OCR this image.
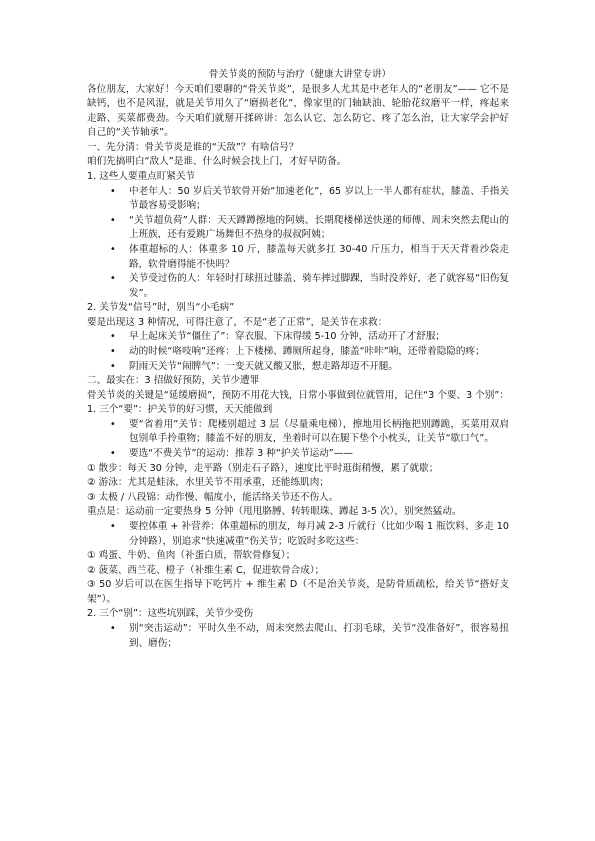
骨关节炎的预防与治疗（健康大讲堂专讲）

各位朋友，大家好！今天咱们要聊的“骨关节炎”，是很多人尤其是中老年人的“老朋友”—— 它不是缺钙，也不是风湿，就是关节用久了“磨损老化”，像家里的门轴缺油、轮胎花纹磨平一样，疼起来走路、买菜都费劲。今天咱们就掰开揉碎讲：怎么认它、怎么防它、疼了怎么治，让大家学会护好自己的“关节轴承”。

一、先分清：骨关节炎是谁的“天敌”？有啥信号？

咱们先搞明白“敌人”是谁、什么时候会找上门，才好早防备。

1. 这些人要重点盯紧关节

• 中老年人：50 岁后关节软骨开始“加速老化”，65 岁以上一半人都有症状，膝盖、手指关节最容易受影响；
• “关节超负荷”人群：天天蹲蹲擦地的阿姨、长期爬楼梯送快递的师傅、周末突然去爬山的上班族，还有爱跳广场舞但不热身的叔叔阿姨；
• 体重超标的人：体重多 10 斤，膝盖每天就多扛 30-40 斤压力，相当于天天背着沙袋走路，软骨磨得能不快吗？
• 关节受过伤的人：年轻时打球扭过膝盖、骑车摔过脚踝，当时没养好，老了就容易“旧伤复发”。

2. 关节发“信号”时，别当“小毛病”

要是出现这 3 种情况，可得注意了，不是“老了正常”，是关节在求救：

• 早上起床关节“僵住了”：穿衣服、下床得缓 5-10 分钟，活动开了才舒服；
• 动的时候“咯吱响”还疼：上下楼梯、蹲厕所起身，膝盖“咔咔”响，还带着隐隐的疼；
• 阴雨天关节“闹脾气”：一变天就又酸又胀，想走路却迈不开腿。

二、最实在：3 招做好预防，关节少遭罪

骨关节炎的关键是“延缓磨损”，预防不用花大钱，日常小事做到位就管用，记住“3 个要、3 个别”：

1. 三个“要”：护关节的好习惯，天天能做到

• 要“省着用”关节：爬楼别超过 3 层（尽量乘电梯），擦地用长柄拖把别蹲跪，买菜用双肩包别单手拎重物；膝盖不好的朋友，坐着时可以在腿下垫个小枕头，让关节“歇口气”。
• 要选“不费关节”的运动：推荐 3 种“护关节运动”——

① 散步：每天 30 分钟，走平路（别走石子路），速度比平时逛街稍慢，累了就歇；

② 游泳：尤其是蛙泳，水里关节不用承重，还能练肌肉；

③ 太极 / 八段锦：动作慢、幅度小，能活络关节还不伤人。

重点是：运动前一定要热身 5 分钟（甩甩胳膊、转转眼珠、蹲起 3-5 次），别突然猛动。

• 要控体重 + 补营养：体重超标的朋友，每月减 2-3 斤就行（比如少喝 1 瓶饮料、多走 10 分钟路），别追求“快速减重”伤关节；吃饭时多吃这些：

① 鸡蛋、牛奶、鱼肉（补蛋白质，帮软骨修复）；

② 菠菜、西兰花、橙子（补维生素 C，促进软骨合成）；

③ 50 岁后可以在医生指导下吃钙片 + 维生素 D（不是治关节炎，是防骨质疏松，给关节“搭好支架”）。

2. 三个“别”：这些坑别踩，关节少受伤

• 别“突击运动”：平时久坐不动，周末突然去爬山、打羽毛球，关节“没准备好”，很容易扭到、磨伤；
